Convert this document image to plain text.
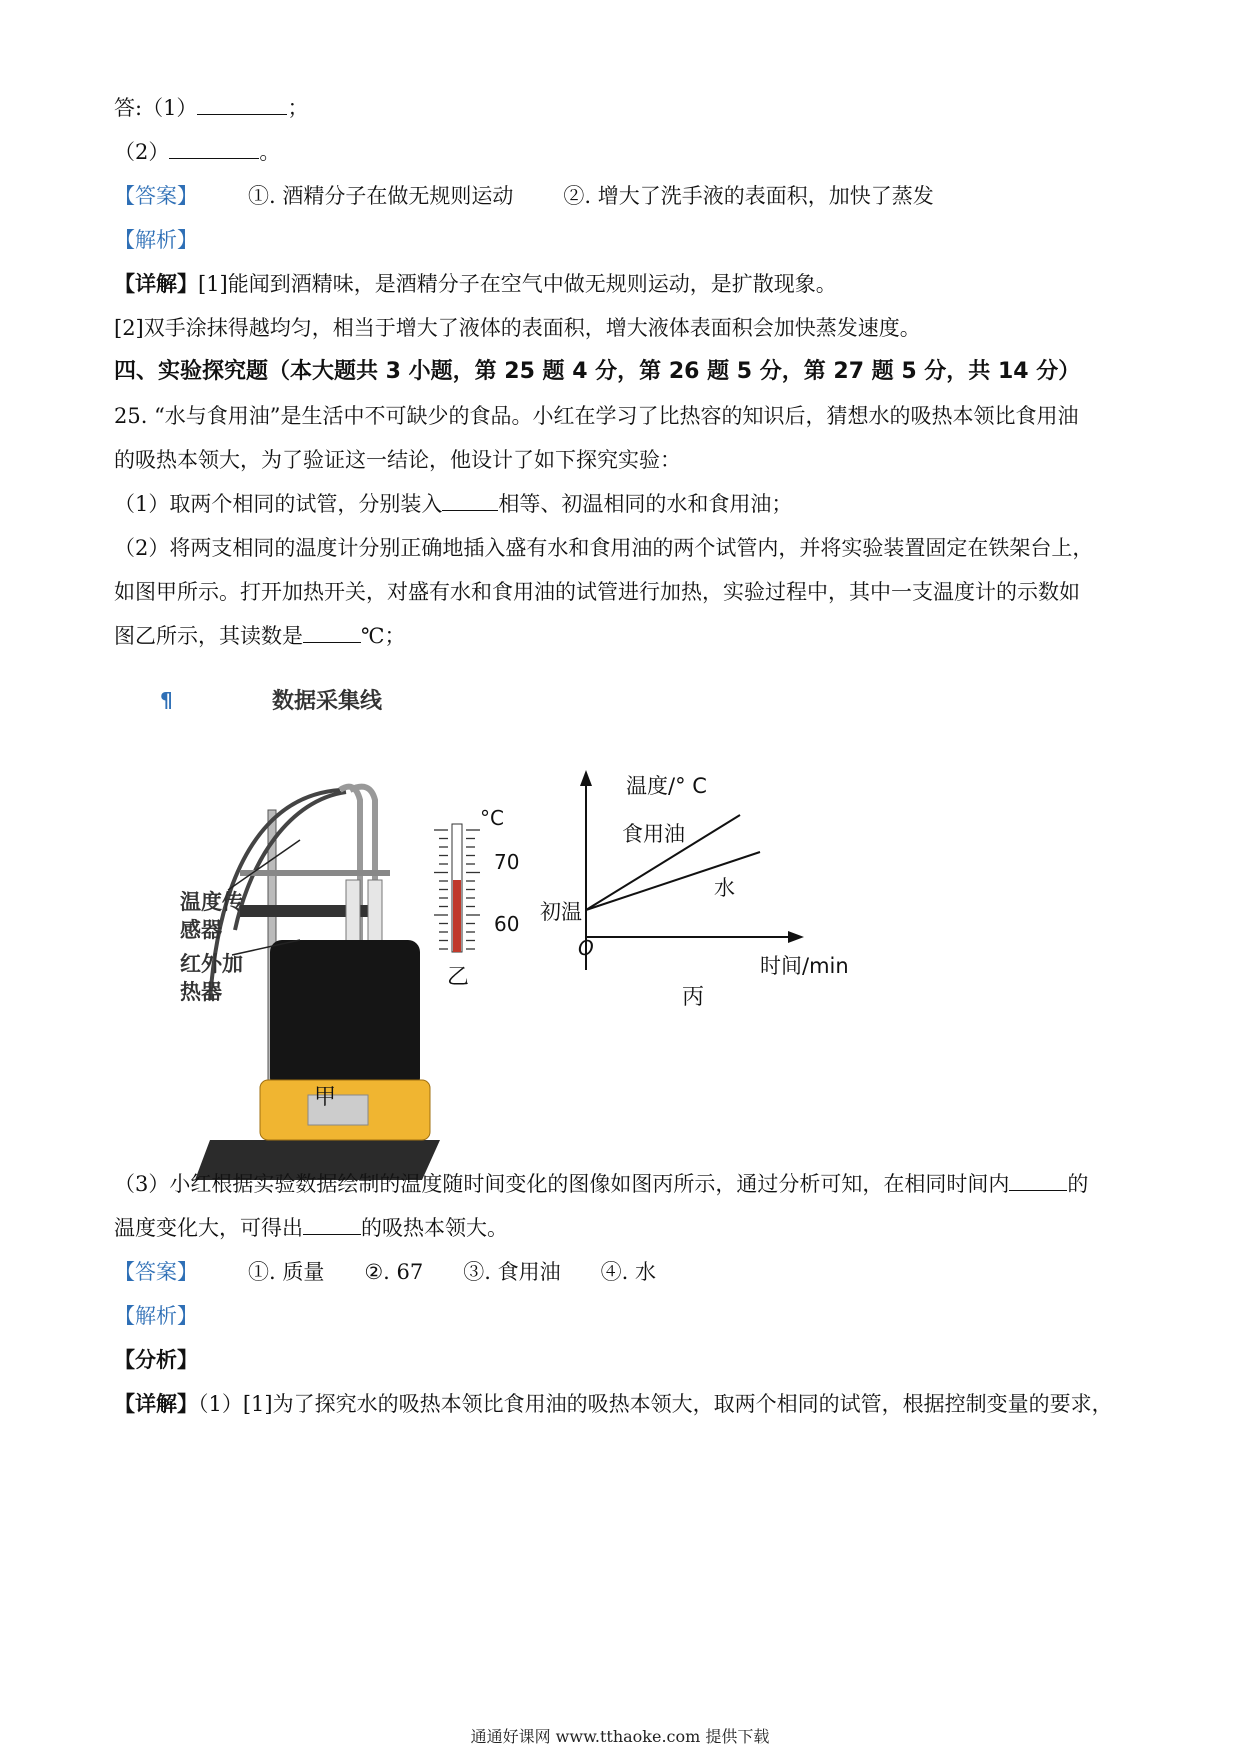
答:（1）	；
（2）	。
【答案】 ①. 酒精分子在做无规则运动 ②. 增大了洗手液的表面积，加快了蒸发
【解析】
【详解】[1]能闻到酒精味，是酒精分子在空气中做无规则运动，是扩散现象。
[2]双手涂抹得越均匀，相当于增大了液体的表面积，增大液体表面积会加快蒸发速度。
四、实验探究题（本大题共 3 小题，第 25 题 4 分，第 26 题 5 分，第 27 题 5 分，共 14 分）
25. “水与食用油”是生活中不可缺少的食品。小红在学习了比热容的知识后，猜想水的吸热本领比食用油
的吸热本领大，为了验证这一结论，他设计了如下探究实验：
（1）取两个相同的试管，分别装入	相等、初温相同的水和食用油；
（2）将两支相同的温度计分别正确地插入盛有水和食用油的两个试管内，并将实验装置固定在铁架台上，
如图甲所示。打开加热开关，对盛有水和食用油的试管进行加热，实验过程中，其中一支温度计的示数如
图乙所示，其读数是	℃；
¶	数据采集线
温度传
感器
红外加
热器
甲
°C
70
60
乙
温度/° C
食用油
水
初温
O
时间/min
丙
（3）小红根据实验数据绘制的温度随时间变化的图像如图丙所示，通过分析可知，在相同时间内	的
温度变化大，可得出	的吸热本领大。
【答案】 ①. 质量 ②. 67 ③. 食用油 ④. 水
【解析】
【分析】
【详解】（1）[1]为了探究水的吸热本领比食用油的吸热本领大，取两个相同的试管，根据控制变量的要求，
通通好课网 www.tthaoke.com 提供下载
